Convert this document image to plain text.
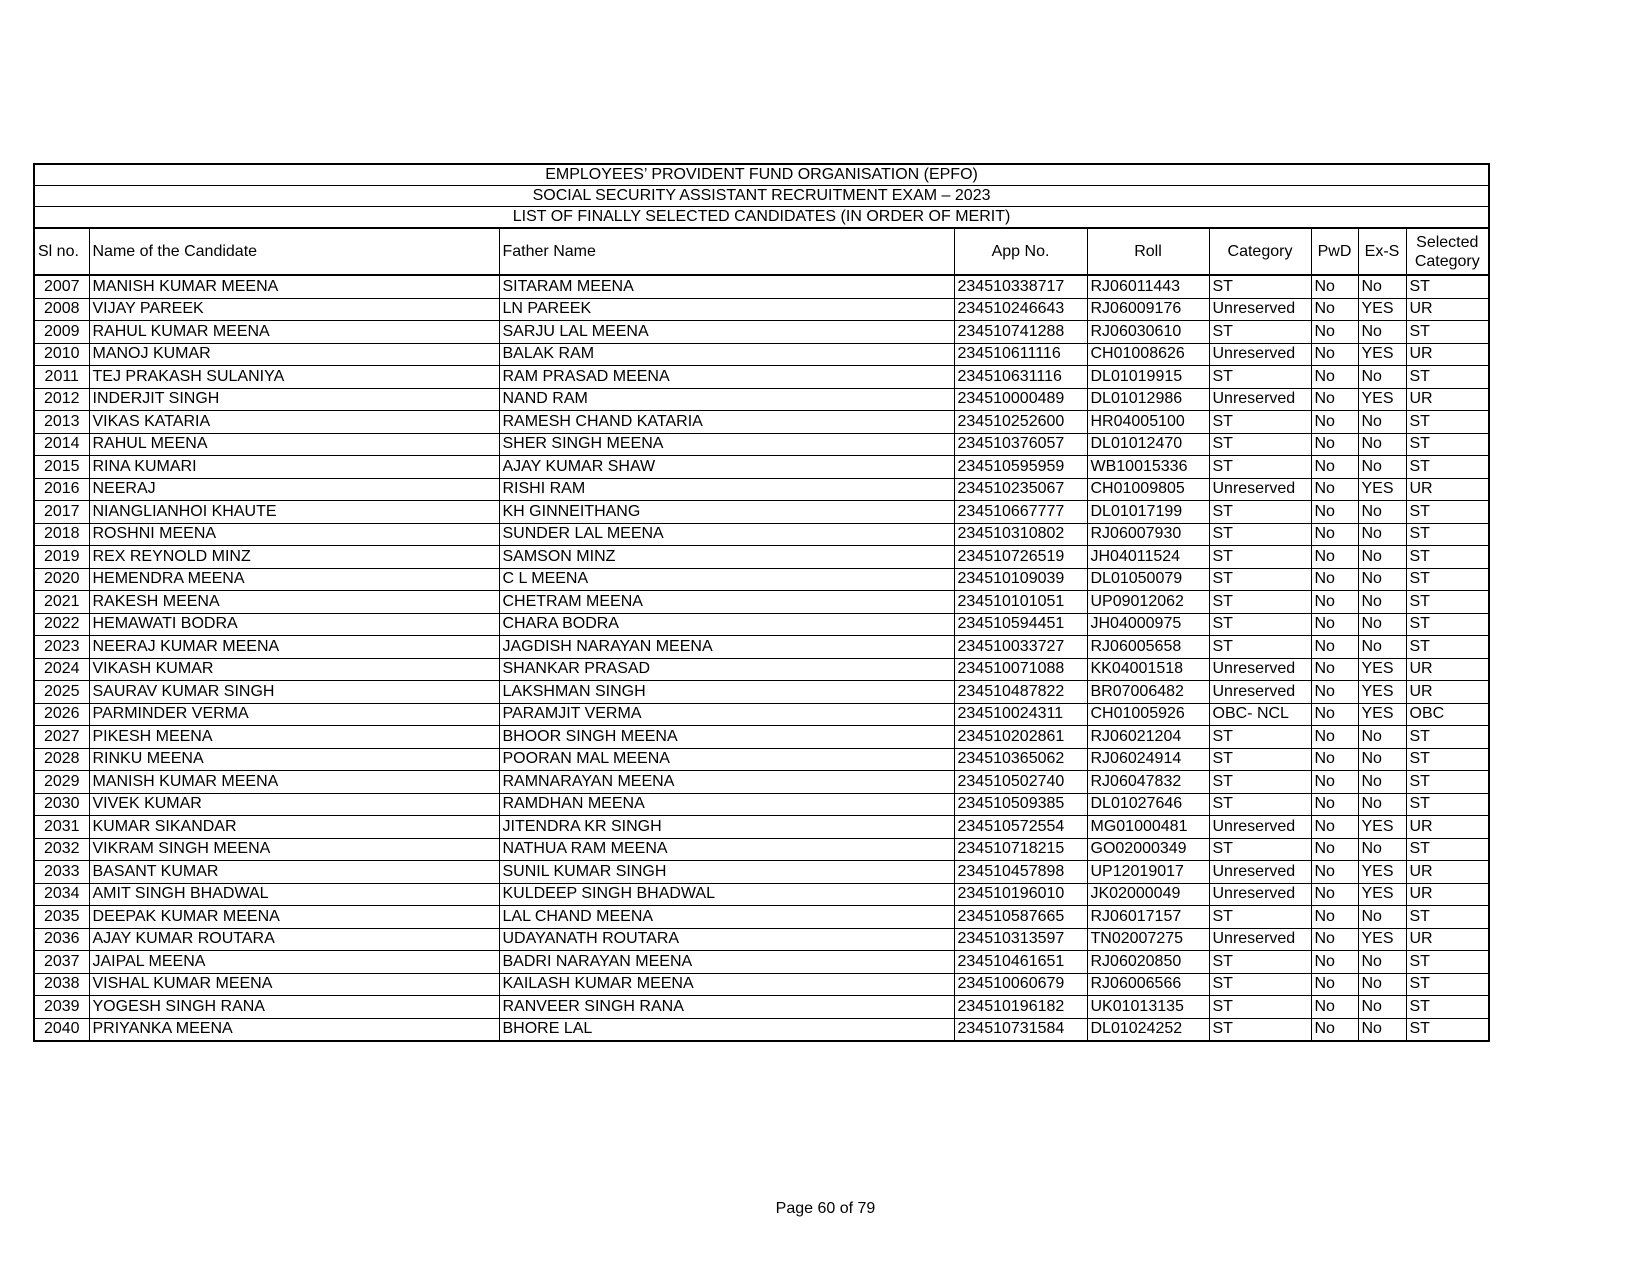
EMPLOYEES’ PROVIDENT FUND ORGANISATION (EPFO)								
SOCIAL SECURITY ASSISTANT RECRUITMENT EXAM – 2023								
LIST OF FINALLY SELECTED CANDIDATES (IN ORDER OF MERIT)								
Sl no.	Name of the Candidate	Father Name	App No.	Roll	Category	PwD	Ex-S	Selected Category
2007	MANISH KUMAR MEENA	SITARAM MEENA	234510338717	RJ06011443	ST	No	No	ST
2008	VIJAY PAREEK	LN PAREEK	234510246643	RJ06009176	Unreserved	No	YES	UR
2009	RAHUL KUMAR MEENA	SARJU LAL MEENA	234510741288	RJ06030610	ST	No	No	ST
2010	MANOJ KUMAR	BALAK RAM	234510611116	CH01008626	Unreserved	No	YES	UR
2011	TEJ PRAKASH SULANIYA	RAM PRASAD MEENA	234510631116	DL01019915	ST	No	No	ST
2012	INDERJIT SINGH	NAND RAM	234510000489	DL01012986	Unreserved	No	YES	UR
2013	VIKAS KATARIA	RAMESH CHAND KATARIA	234510252600	HR04005100	ST	No	No	ST
2014	RAHUL MEENA	SHER SINGH MEENA	234510376057	DL01012470	ST	No	No	ST
2015	RINA KUMARI	AJAY KUMAR SHAW	234510595959	WB10015336	ST	No	No	ST
2016	NEERAJ	RISHI RAM	234510235067	CH01009805	Unreserved	No	YES	UR
2017	NIANGLIANHOI KHAUTE	KH GINNEITHANG	234510667777	DL01017199	ST	No	No	ST
2018	ROSHNI MEENA	SUNDER LAL MEENA	234510310802	RJ06007930	ST	No	No	ST
2019	REX REYNOLD MINZ	SAMSON MINZ	234510726519	JH04011524	ST	No	No	ST
2020	HEMENDRA MEENA	C L MEENA	234510109039	DL01050079	ST	No	No	ST
2021	RAKESH MEENA	CHETRAM MEENA	234510101051	UP09012062	ST	No	No	ST
2022	HEMAWATI BODRA	CHARA BODRA	234510594451	JH04000975	ST	No	No	ST
2023	NEERAJ KUMAR MEENA	JAGDISH NARAYAN MEENA	234510033727	RJ06005658	ST	No	No	ST
2024	VIKASH KUMAR	SHANKAR PRASAD	234510071088	KK04001518	Unreserved	No	YES	UR
2025	SAURAV KUMAR SINGH	LAKSHMAN SINGH	234510487822	BR07006482	Unreserved	No	YES	UR
2026	PARMINDER VERMA	PARAMJIT VERMA	234510024311	CH01005926	OBC- NCL	No	YES	OBC
2027	PIKESH MEENA	BHOOR SINGH MEENA	234510202861	RJ06021204	ST	No	No	ST
2028	RINKU MEENA	POORAN MAL MEENA	234510365062	RJ06024914	ST	No	No	ST
2029	MANISH KUMAR MEENA	RAMNARAYAN MEENA	234510502740	RJ06047832	ST	No	No	ST
2030	VIVEK KUMAR	RAMDHAN MEENA	234510509385	DL01027646	ST	No	No	ST
2031	KUMAR SIKANDAR	JITENDRA KR SINGH	234510572554	MG01000481	Unreserved	No	YES	UR
2032	VIKRAM SINGH MEENA	NATHUA RAM MEENA	234510718215	GO02000349	ST	No	No	ST
2033	BASANT KUMAR	SUNIL KUMAR SINGH	234510457898	UP12019017	Unreserved	No	YES	UR
2034	AMIT SINGH BHADWAL	KULDEEP SINGH BHADWAL	234510196010	JK02000049	Unreserved	No	YES	UR
2035	DEEPAK KUMAR MEENA	LAL CHAND MEENA	234510587665	RJ06017157	ST	No	No	ST
2036	AJAY KUMAR ROUTARA	UDAYANATH ROUTARA	234510313597	TN02007275	Unreserved	No	YES	UR
2037	JAIPAL MEENA	BADRI NARAYAN MEENA	234510461651	RJ06020850	ST	No	No	ST
2038	VISHAL KUMAR MEENA	KAILASH KUMAR MEENA	234510060679	RJ06006566	ST	No	No	ST
2039	YOGESH SINGH RANA	RANVEER SINGH RANA	234510196182	UK01013135	ST	No	No	ST
2040	PRIYANKA MEENA	BHORE LAL	234510731584	DL01024252	ST	No	No	ST
Page 60 of 79
